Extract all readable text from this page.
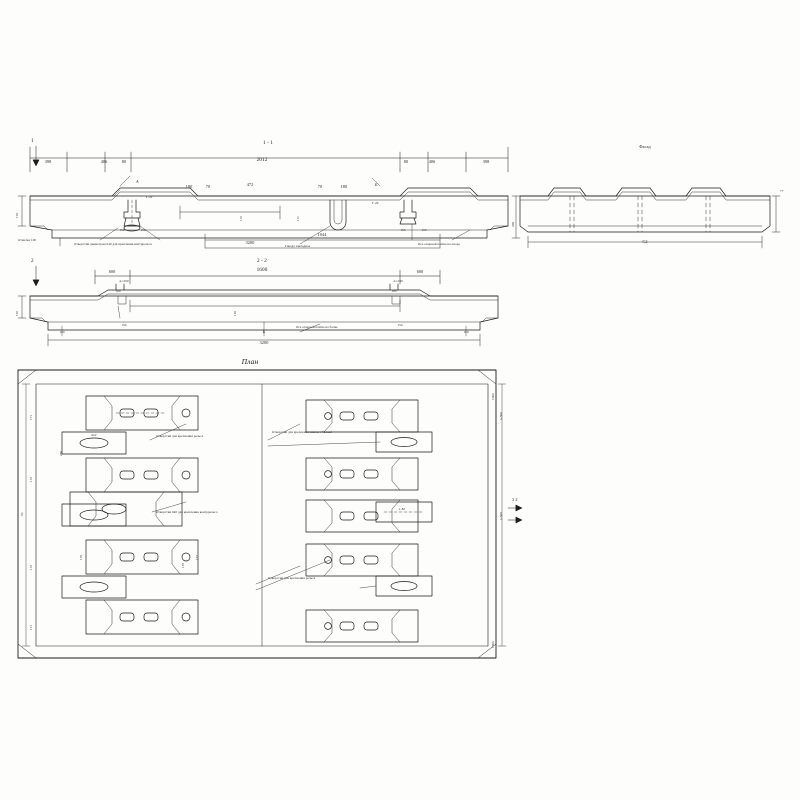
1 - 1
398	406	80	2012	80	406	398
180	70	472	70	180
150	150	155	155
3200
1044
165
172	111
209
А
Б
Г-22
Г-20
Отметка 100
Отверстия диаметром 640 для крепления контррельса	Гнездо закладное	Ось опорной плиты на опоре
1
2
Фасад
C2
77
2 - 2
600	1600	600
4-1100	4-1100
100	180
3200
100	100
154	154
Б
Ось опорной плиты на балке
165	120
План
171
172
172
171
66
n-500
n-500
1000
1000
3 2
Отверстия для крепления рельса
622
Отверстия для крепления плиты с балкой
Отверстия 640 для крепления контррельса
Отверстия для крепления рельса
1-82
200
176	177
155
